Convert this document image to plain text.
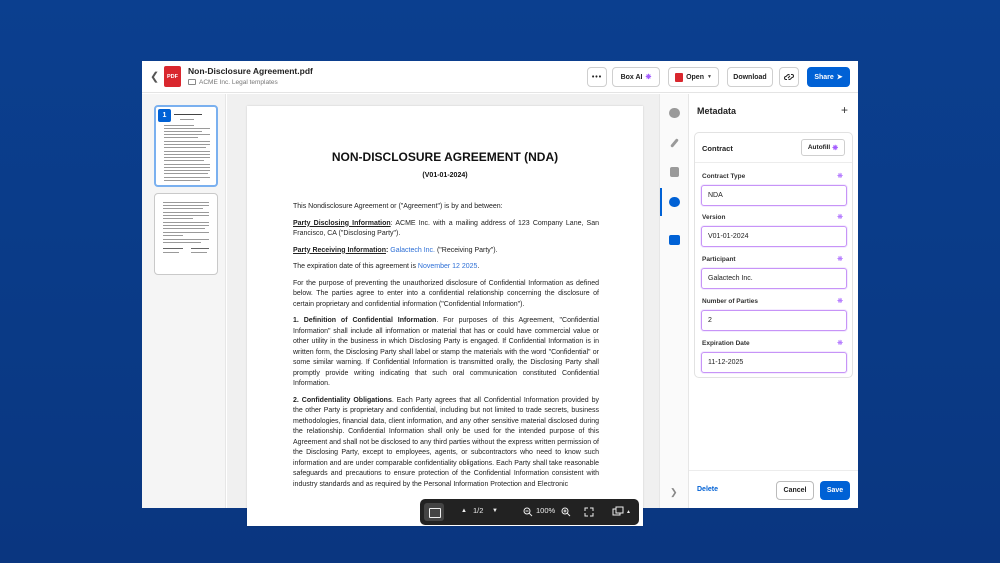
❮	PDF
Non-Disclosure Agreement.pdf
ACME Inc. Legal templates
•••	Box AI ❋	Open ▼	Download	Share ➤
1
NON-DISCLOSURE AGREEMENT (NDA)
(V01-01-2024)

This Nondisclosure Agreement or ("Agreement") is by and between:

Party Disclosing Information: ACME Inc. with a mailing address of 123 Company Lane, San Francisco, CA ("Disclosing Party").

Party Receiving Information: Galactech Inc. ("Receiving Party").

The expiration date of this agreement is November 12 2025.

For the purpose of preventing the unauthorized disclosure of Confidential Information as defined below. The parties agree to enter into a confidential relationship concerning the disclosure of certain proprietary and confidential information ("Confidential Information").

1. Definition of Confidential Information. For purposes of this Agreement, "Confidential Information" shall include all information or material that has or could have commercial value or other utility in the business in which Disclosing Party is engaged. If Confidential Information is in written form, the Disclosing Party shall label or stamp the materials with the word "Confidential" or some similar warning. If Confidential Information is transmitted orally, the Disclosing Party shall promptly provide writing indicating that such oral communication constituted Confidential Information.

2. Confidentiality Obligations. Each Party agrees that all Confidential Information provided by the other Party is proprietary and confidential, including but not limited to trade secrets, business methodologies, financial data, client information, and any other sensitive material disclosed during the relationship. Confidential Information shall only be used for the intended purpose of this Agreement and shall not be disclosed to any third parties without the express written permission of the Disclosing Party, except to employees, agents, or subcontractors who need to know such information and are under comparable confidentiality obligations. Each Party shall take reasonable safeguards and precautions to ensure protection of the Confidential Information consistent with industry standards and as required by the Personal Information Protection and Electronic

▲ 1/2 ▼	100%	▲
❯
Metadata	+
Contract	Autofill ❋
Contract Type	❋
NDA
Version	❋
V01-01-2024
Participant	❋
Galactech Inc.
Number of Parties	❋
2
Expiration Date	❋
11-12-2025
Delete	Cancel	Save
